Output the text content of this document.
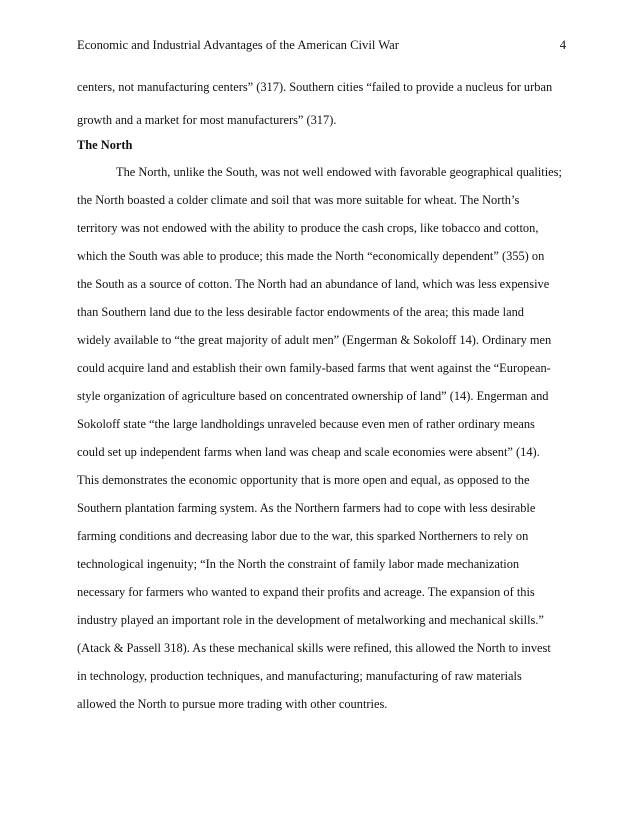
Economic and Industrial Advantages of the American Civil War	4
centers, not manufacturing centers” (317). Southern cities “failed to provide a nucleus for urban
growth and a market for most manufacturers” (317).
The North
The North, unlike the South, was not well endowed with favorable geographical qualities;
the North boasted a colder climate and soil that was more suitable for wheat. The North’s
territory was not endowed with the ability to produce the cash crops, like tobacco and cotton,
which the South was able to produce; this made the North “economically dependent” (355) on
the South as a source of cotton. The North had an abundance of land, which was less expensive
than Southern land due to the less desirable factor endowments of the area; this made land
widely available to “the great majority of adult men” (Engerman & Sokoloff 14). Ordinary men
could acquire land and establish their own family-based farms that went against the “European-
style organization of agriculture based on concentrated ownership of land” (14). Engerman and
Sokoloff state “the large landholdings unraveled because even men of rather ordinary means
could set up independent farms when land was cheap and scale economies were absent” (14).
This demonstrates the economic opportunity that is more open and equal, as opposed to the
Southern plantation farming system. As the Northern farmers had to cope with less desirable
farming conditions and decreasing labor due to the war, this sparked Northerners to rely on
technological ingenuity; “In the North the constraint of family labor made mechanization
necessary for farmers who wanted to expand their profits and acreage. The expansion of this
industry played an important role in the development of metalworking and mechanical skills.”
(Atack & Passell 318). As these mechanical skills were refined, this allowed the North to invest
in technology, production techniques, and manufacturing; manufacturing of raw materials
allowed the North to pursue more trading with other countries.
